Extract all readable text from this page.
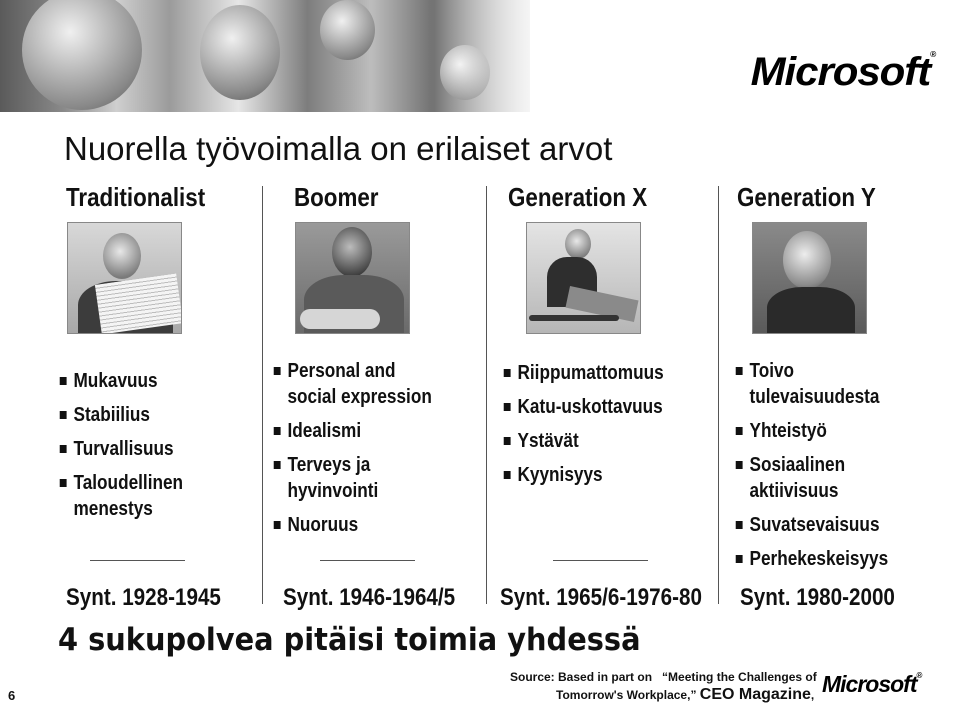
Microsoft®
Nuorella työvoimalla on erilaiset arvot
Traditionalist	Boomer	Generation X	Generation Y
Mukavuus
Stabiilius
Turvallisuus
Taloudellinen
menestys
Personal and
social expression
Idealismi
Terveys ja
hyvinvointi
Nuoruus
Riippumattomuus
Katu-uskottavuus
Ystävät
Kyynisyys
Toivo
tulevaisuudesta
Yhteistyö
Sosiaalinen
aktiivisuus
Suvatsevaisuus
Perhekeskeisyys
Synt. 1928-1945	Synt. 1946-1964/5 Synt. 1965/6-1976-80 Synt. 1980-2000
4 sukupolvea pitäisi toimia yhdessä
6
Source: Based in part on “Meeting the Challenges of
Tomorrow's Workplace,” CEO Magazine, Microsoft®
